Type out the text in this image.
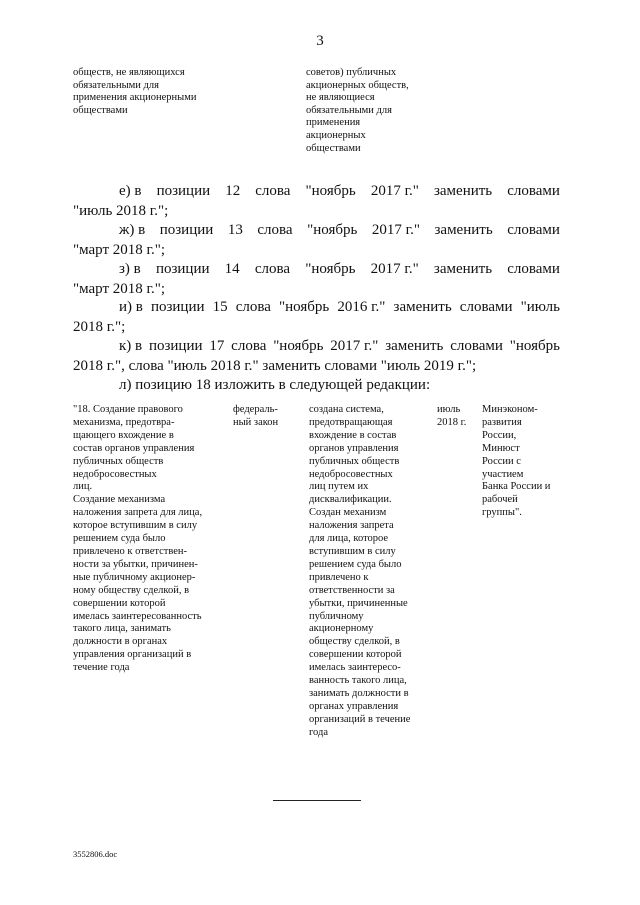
3
обществ, не являющихся
обязательными для
применения акционерными
обществами
советов) публичных
акционерных обществ,
не являющиеся
обязательными для
применения
акционерных
обществами
е) в позиции 12 слова "ноябрь 2017 г." заменить словами
"июль 2018 г.";
ж) в позиции 13 слова "ноябрь 2017 г." заменить словами
"март 2018 г.";
з) в позиции 14 слова "ноябрь 2017 г." заменить словами
"март 2018 г.";
и) в позиции 15 слова "ноябрь 2016 г." заменить словами "июль
2018 г.";
к) в позиции 17 слова "ноябрь 2017 г." заменить словами "ноябрь
2018 г.", слова "июль 2018 г." заменить словами "июль 2019 г.";
л) позицию 18 изложить в следующей редакции:
"18. Создание правового
механизма, предотвра-
щающего вхождение в
состав органов управления
публичных обществ
недобросовестных
лиц.
Создание механизма
наложения запрета для лица,
которое вступившим в силу
решением суда было
привлечено к ответствен-
ности за убытки, причинен-
ные публичному акционер-
ному обществу сделкой, в
совершении которой
имелась заинтересованность
такого лица, занимать
должности в органах
управления организаций в
течение года
федераль-
ный закон
создана система,
предотвращающая
вхождение в состав
органов управления
публичных обществ
недобросовестных
лиц путем их
дисквалификации.
Создан механизм
наложения запрета
для лица, которое
вступившим в силу
решением суда было
привлечено к
ответственности за
убытки, причиненные
публичному
акционерному
обществу сделкой, в
совершении которой
имелась заинтересо-
ванность такого лица,
занимать должности в
органах управления
организаций в течение
года
июль
2018 г.
Минэконом-
развития
России,
Минюст
России с
участием
Банка России и
рабочей
группы".
3552806.doc
